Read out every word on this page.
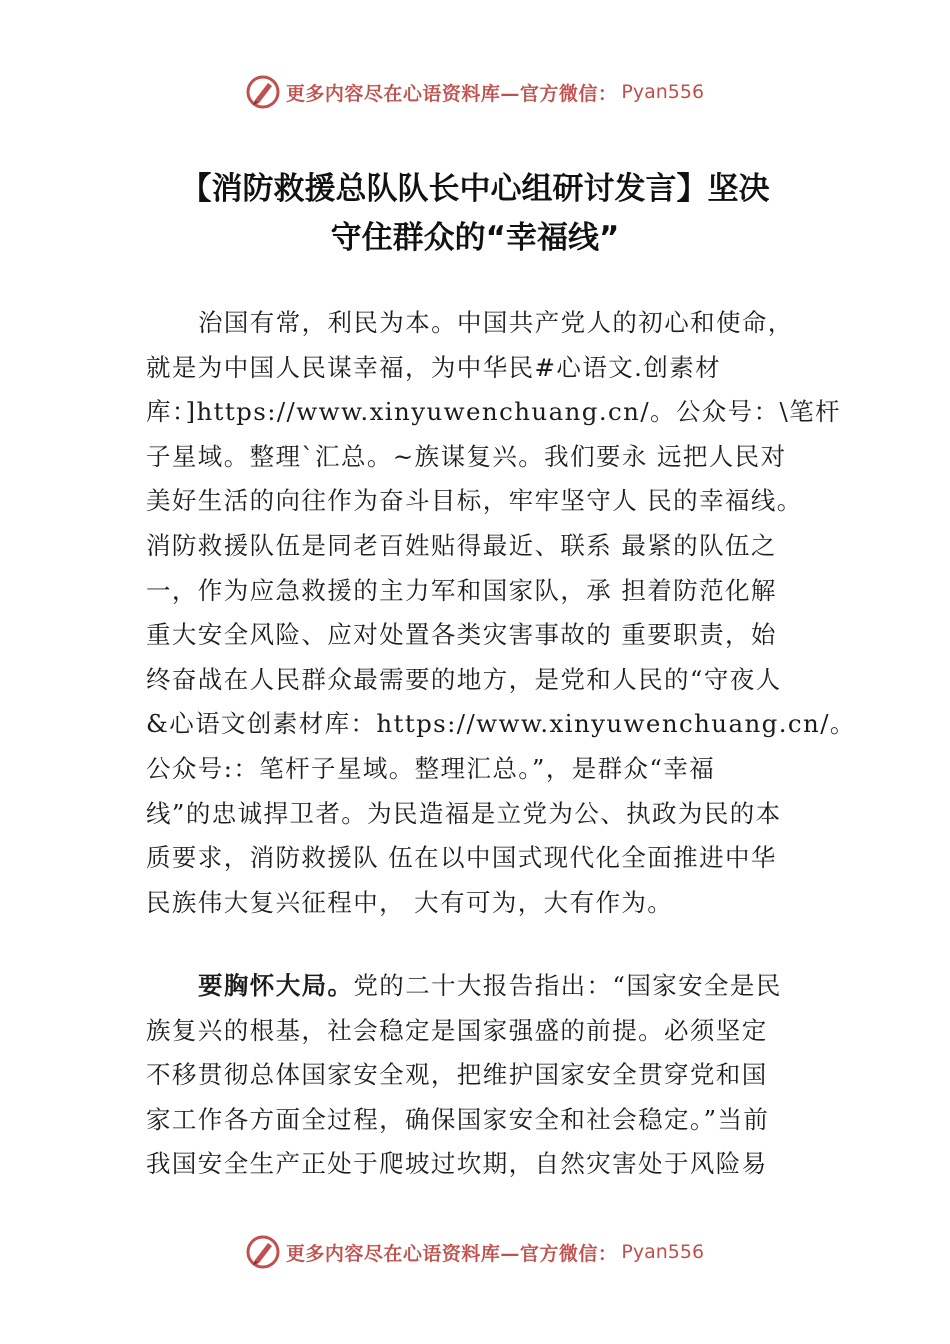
更多内容尽在心语资料库—官方微信： Pyan556
【消防救援总队队长中心组研讨发言】坚决
守住群众的“幸福线”
治国有常，利民为本。中国共产党人的初心和使命，
就是为中国人民谋幸福，为中华民#心语文.创素材
库：]https://www.xinyuwenchuang.cn/。公众号：\笔杆
子星域。整理`汇总。~族谋复兴。我们要永 远把人民对
美好生活的向往作为奋斗目标，牢牢坚守人 民的幸福线。
消防救援队伍是同老百姓贴得最近、联系 最紧的队伍之
一，作为应急救援的主力军和国家队，承 担着防范化解
重大安全风险、应对处置各类灾害事故的 重要职责，始
终奋战在人民群众最需要的地方，是党和人民的“守夜人
&心语文创素材库：https://www.xinyuwenchuang.cn/。
公众号:：笔杆子星域。整理汇总。”，是群众“幸福
线”的忠诚捍卫者。为民造福是立党为公、执政为民的本
质要求，消防救援队 伍在以中国式现代化全面推进中华
民族伟大复兴征程中， 大有可为，大有作为。
要胸怀大局。党的二十大报告指出：“国家安全是民
族复兴的根基，社会稳定是国家强盛的前提。必须坚定
不移贯彻总体国家安全观，把维护国家安全贯穿党和国
家工作各方面全过程，确保国家安全和社会稳定。”当前
我国安全生产正处于爬坡过坎期，自然灾害处于风险易
更多内容尽在心语资料库—官方微信： Pyan556
